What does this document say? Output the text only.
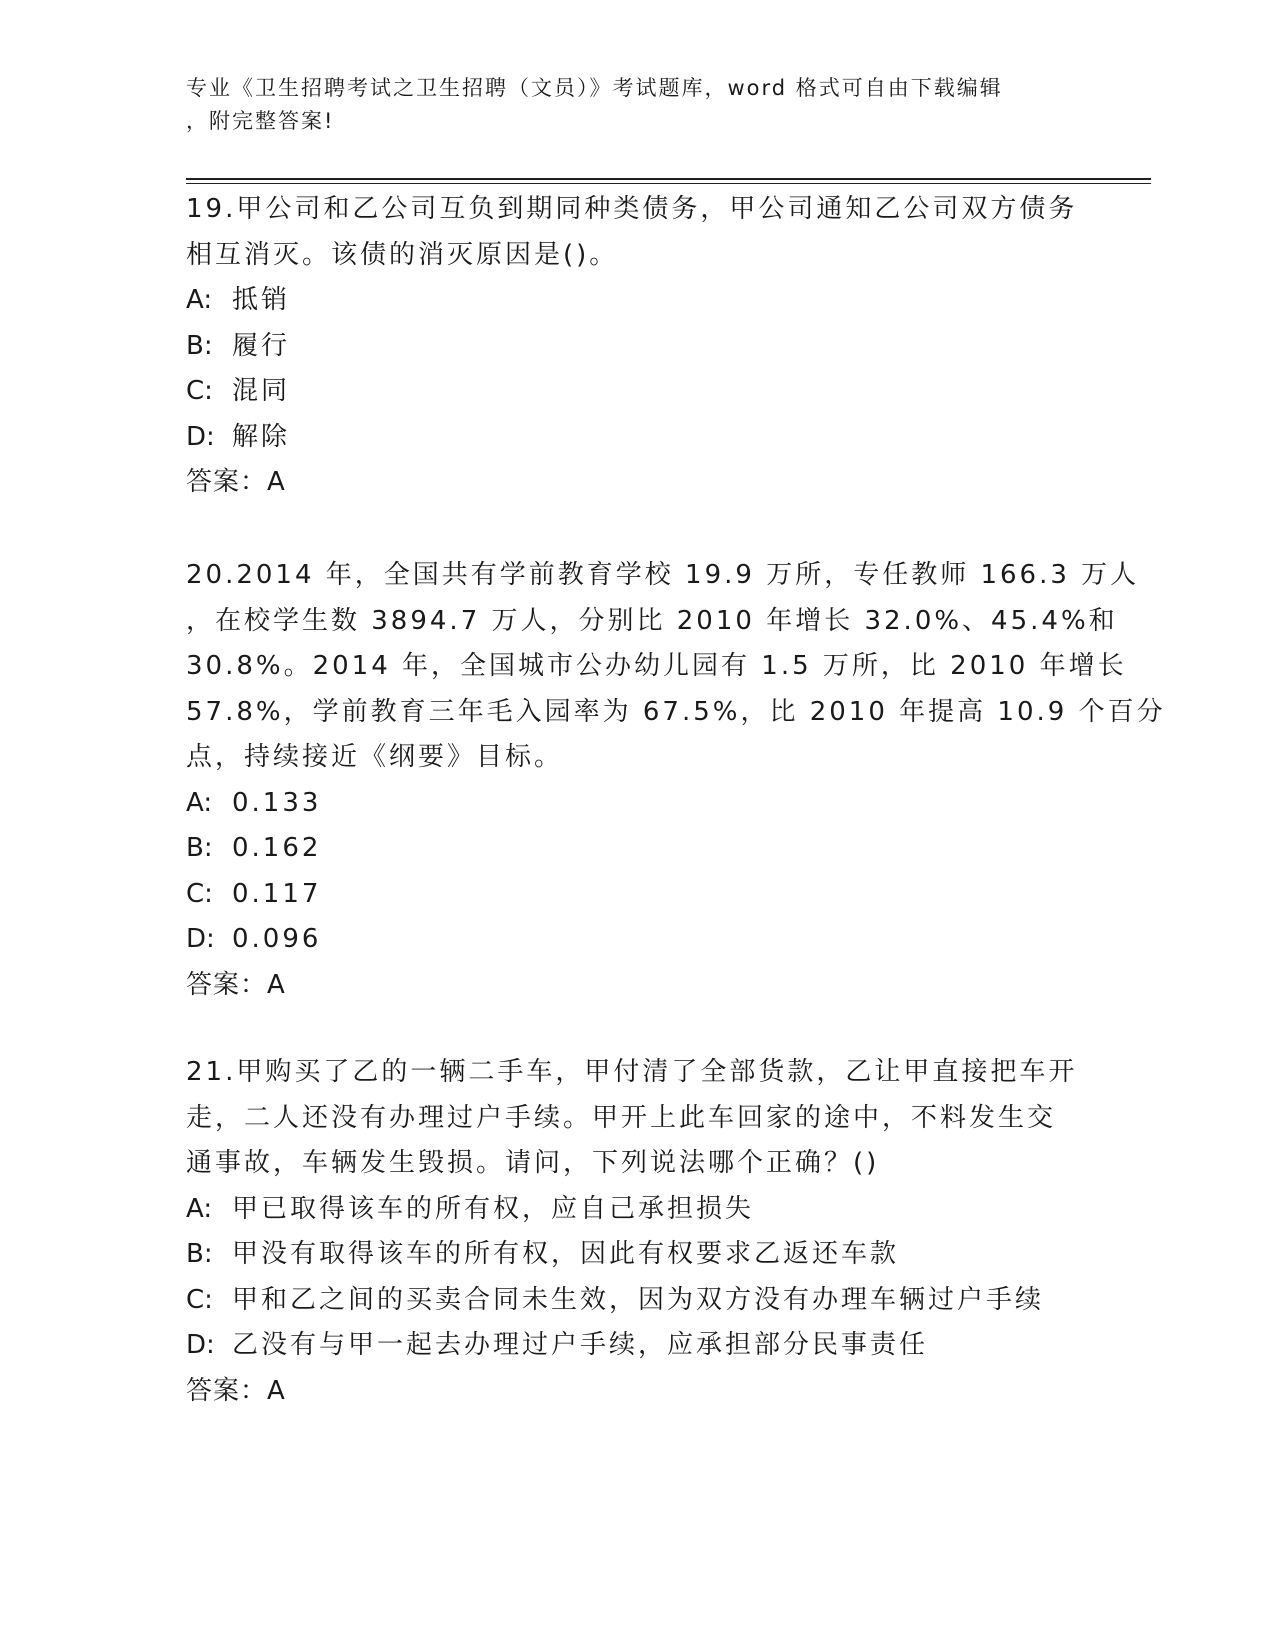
专业《卫生招聘考试之卫生招聘（文员）》考试题库，word 格式可自由下载编辑
，附完整答案!
19.甲公司和乙公司互负到期同种类债务，甲公司通知乙公司双方债务
相互消灭。该债的消灭原因是()。
A: 抵销
B: 履行
C: 混同
D: 解除
答案：A
20.2014 年，全国共有学前教育学校 19.9 万所，专任教师 166.3 万人
，在校学生数 3894.7 万人，分别比 2010 年增长 32.0%、45.4%和
30.8%。2014 年，全国城市公办幼儿园有 1.5 万所，比 2010 年增长
57.8%，学前教育三年毛入园率为 67.5%，比 2010 年提高 10.9 个百分
点，持续接近《纲要》目标。
A: 0.133
B: 0.162
C: 0.117
D: 0.096
答案：A
21.甲购买了乙的一辆二手车，甲付清了全部货款，乙让甲直接把车开
走，二人还没有办理过户手续。甲开上此车回家的途中，不料发生交
通事故，车辆发生毁损。请问，下列说法哪个正确？()
A: 甲已取得该车的所有权，应自己承担损失
B: 甲没有取得该车的所有权，因此有权要求乙返还车款
C: 甲和乙之间的买卖合同未生效，因为双方没有办理车辆过户手续
D: 乙没有与甲一起去办理过户手续，应承担部分民事责任
答案：A
